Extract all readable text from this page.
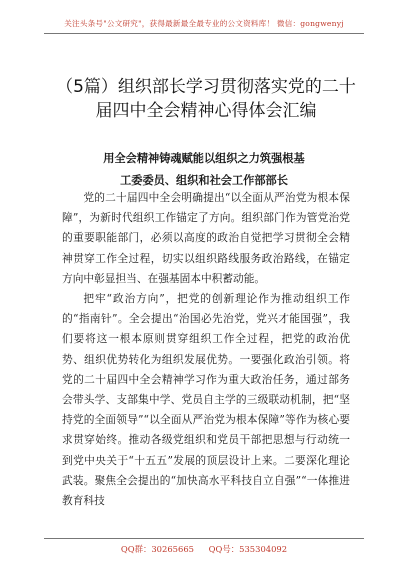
关注头条号"公文研究"，获得最新最全最专业的公文资料库！ 微信：gongwenyj
（5篇）组织部长学习贯彻落实党的二十届四中全会精神心得体会汇编
用全会精神铸魂赋能以组织之力筑强根基
工委委员、组织和社会工作部部长

党的二十届四中全会明确提出“以全面从严治党为根本保障”，为新时代组织工作锚定了方向。组织部门作为管党治党的重要职能部门，必须以高度的政治自觉把学习贯彻全会精神贯穿工作全过程，切实以组织路线服务政治路线，在锚定方向中彰显担当、在强基固本中积蓄动能。

把牢“政治方向”，把党的创新理论作为推动组织工作的“指南针”。全会提出“治国必先治党，党兴才能国强”，我们要将这一根本原则贯穿组织工作全过程，把党的政治优势、组织优势转化为组织发展优势。一要强化政治引领。将党的二十届四中全会精神学习作为重大政治任务，通过部务会带头学、支部集中学、党员自主学的三级联动机制，把“坚持党的全面领导”“以全面从严治党为根本保障”等作为核心要求贯穿始终。推动各级党组织和党员干部把思想与行动统一到党中央关于“十五五”发展的顶层设计上来。二要深化理论武装。聚焦全会提出的“加快高水平科技自立自强”“一体推进教育科技

QQ群：30265665 QQ号：535304092
